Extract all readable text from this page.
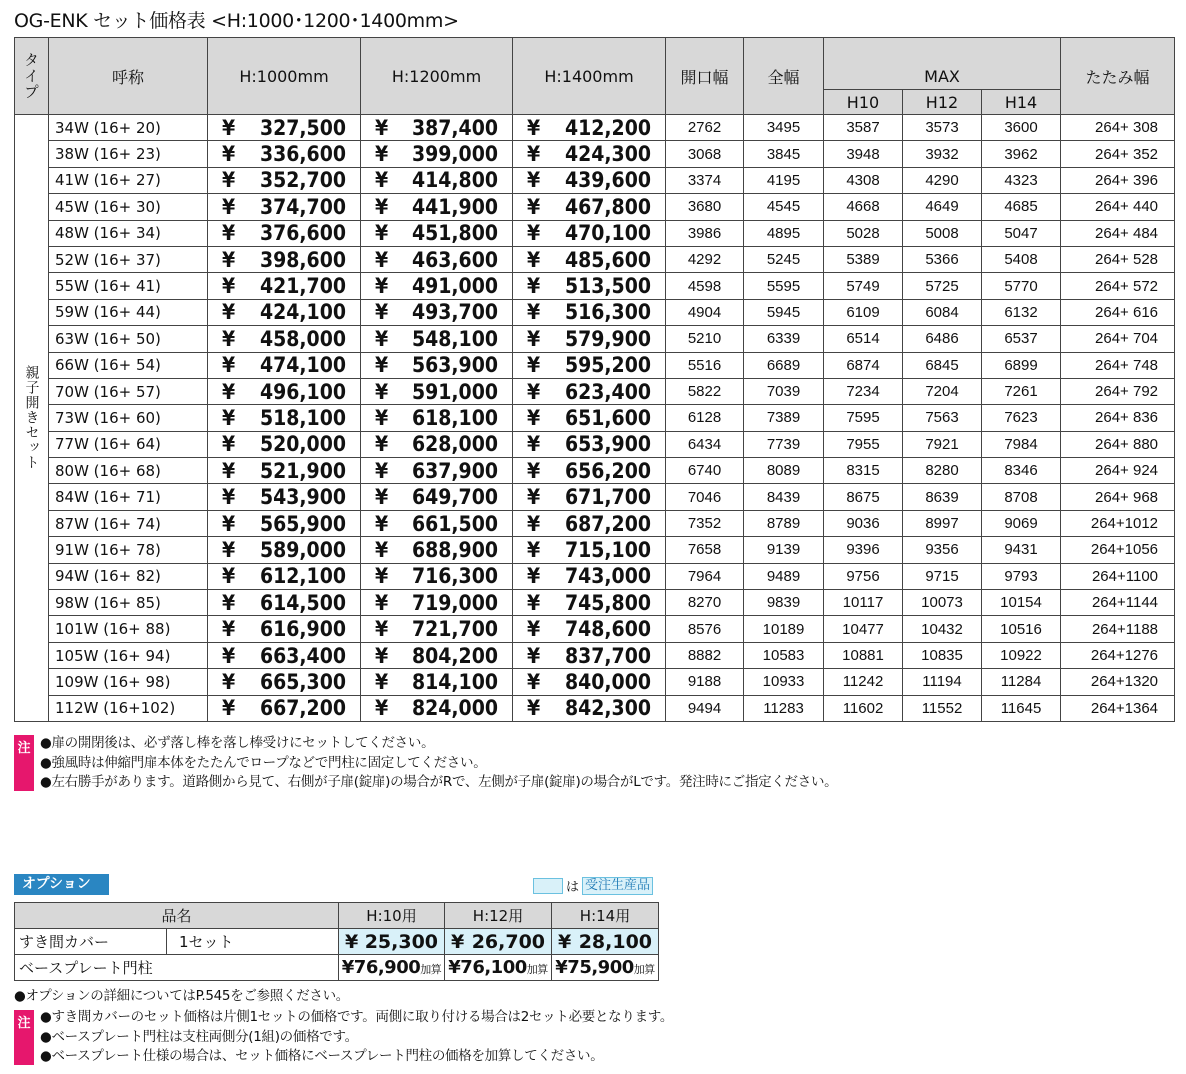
OG-ENK セット価格表 <H:1000･1200･1400mm>
タイプ	呼称	H:1000mm	H:1200mm	H:1400mm	開口幅	全幅				たたみ幅
							MAX			
							H10	H12	H14	
親子開きセット	34W (16+ 20)	¥ 327,500	¥ 387,400	¥ 412,200	2762	3495	3587	3573	3600	264+ 308
	38W (16+ 23)	¥ 336,600	¥ 399,000	¥ 424,300	3068	3845	3948	3932	3962	264+ 352
	41W (16+ 27)	¥ 352,700	¥ 414,800	¥ 439,600	3374	4195	4308	4290	4323	264+ 396
	45W (16+ 30)	¥ 374,700	¥ 441,900	¥ 467,800	3680	4545	4668	4649	4685	264+ 440
	48W (16+ 34)	¥ 376,600	¥ 451,800	¥ 470,100	3986	4895	5028	5008	5047	264+ 484
	52W (16+ 37)	¥ 398,600	¥ 463,600	¥ 485,600	4292	5245	5389	5366	5408	264+ 528
	55W (16+ 41)	¥ 421,700	¥ 491,000	¥ 513,500	4598	5595	5749	5725	5770	264+ 572
	59W (16+ 44)	¥ 424,100	¥ 493,700	¥ 516,300	4904	5945	6109	6084	6132	264+ 616
	63W (16+ 50)	¥ 458,000	¥ 548,100	¥ 579,900	5210	6339	6514	6486	6537	264+ 704
	66W (16+ 54)	¥ 474,100	¥ 563,900	¥ 595,200	5516	6689	6874	6845	6899	264+ 748
	70W (16+ 57)	¥ 496,100	¥ 591,000	¥ 623,400	5822	7039	7234	7204	7261	264+ 792
	73W (16+ 60)	¥ 518,100	¥ 618,100	¥ 651,600	6128	7389	7595	7563	7623	264+ 836
	77W (16+ 64)	¥ 520,000	¥ 628,000	¥ 653,900	6434	7739	7955	7921	7984	264+ 880
	80W (16+ 68)	¥ 521,900	¥ 637,900	¥ 656,200	6740	8089	8315	8280	8346	264+ 924
	84W (16+ 71)	¥ 543,900	¥ 649,700	¥ 671,700	7046	8439	8675	8639	8708	264+ 968
	87W (16+ 74)	¥ 565,900	¥ 661,500	¥ 687,200	7352	8789	9036	8997	9069	264+1012
	91W (16+ 78)	¥ 589,000	¥ 688,900	¥ 715,100	7658	9139	9396	9356	9431	264+1056
	94W (16+ 82)	¥ 612,100	¥ 716,300	¥ 743,000	7964	9489	9756	9715	9793	264+1100
	98W (16+ 85)	¥ 614,500	¥ 719,000	¥ 745,800	8270	9839	10117	10073	10154	264+1144
	101W (16+ 88)	¥ 616,900	¥ 721,700	¥ 748,600	8576	10189	10477	10432	10516	264+1188
	105W (16+ 94)	¥ 663,400	¥ 804,200	¥ 837,700	8882	10583	10881	10835	10922	264+1276
	109W (16+ 98)	¥ 665,300	¥ 814,100	¥ 840,000	9188	10933	11242	11194	11284	264+1320
	112W (16+102)	¥ 667,200	¥ 824,000	¥ 842,300	9494	11283	11602	11552	11645	264+1364
注 ●扉の開閉後は、必ず落し棒を落し棒受けにセットしてください。
●強風時は伸縮門扉本体をたたんでロープなどで門柱に固定してください。
●左右勝手があります。道路側から見て、右側が子扉(錠扉)の場合がRで、左側が子扉(錠扉)の場合がLです。発注時にご指定ください。
オプション	は 受注生産品
品名		H:10用	H:12用	H:14用
すき間カバー	1セット	¥ 25,300	¥ 26,700	¥ 28,100

ベースプレート門柱		¥76,900加算	¥76,100加算	¥75,900加算
●オプションの詳細についてはP.545をご参照ください。
注 ●すき間カバーのセット価格は片側1セットの価格です。両側に取り付ける場合は2セット必要となります。
●ベースプレート門柱は支柱両側分(1組)の価格です。
●ベースプレート仕様の場合は、セット価格にベースプレート門柱の価格を加算してください。
